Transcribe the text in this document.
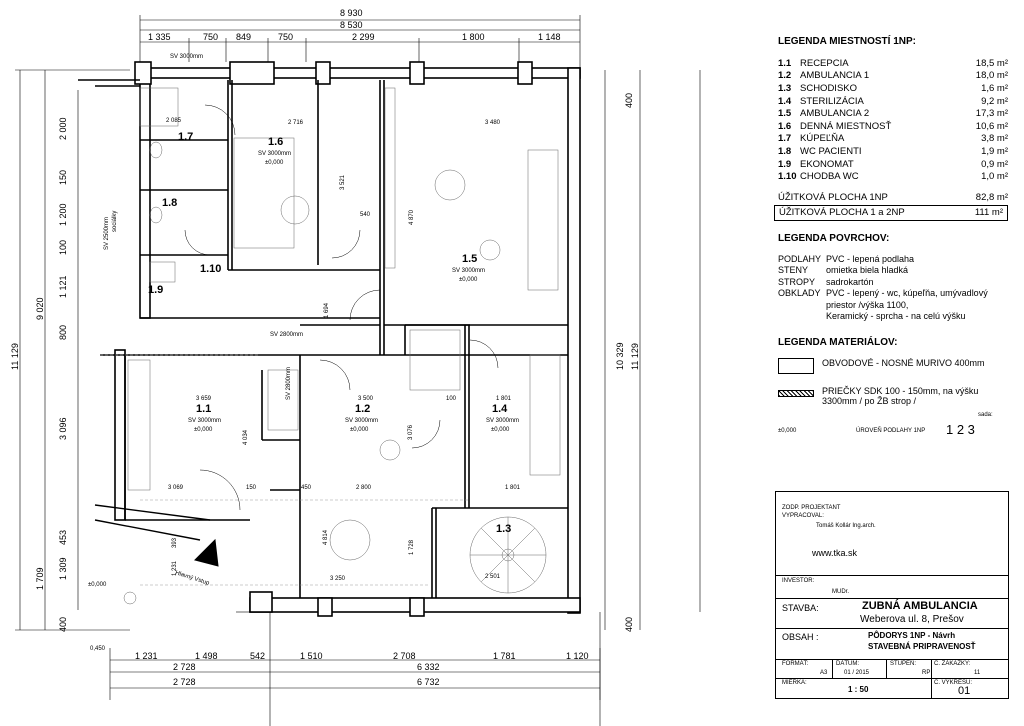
8 930
8 530
1 335	750 849	750	2 299	1 800	1 148
11 129
9 020
2 000
150
1 200
100
1 121
800
3 096
453
1 309
1 709
400
11 129
10 329
400
400
1 231	1 498	542	1 510	2 708	1 781	1 120
2 728	6 332
2 728	6 732
1.7
2 085
1.8
1.9
1.10
1.6
2 716
SV 3000mm
±0,000
1.5
3 480
SV 3000mm
±0,000
1.1
3 659
SV 3000mm
±0,000
1.2
3 500
SV 3000mm
±0,000
1.4
1 801
SV 3000mm
±0,000
1.3
2 501
SV 3000mm
SV 2800mm
SV 2500mm sociálky
SV 2800mm
Hlavný Vstup
±0,000
0,450
3 521
4 870
1 694
4 034	3 076
4 814
1 728
3 069	2 800
3 250
1 801
150	450
100
540
1 231
393
LEGENDA MIESTNOSTÍ 1NP:
1.1 RECEPCIA	18,5 m²
1.2 AMBULANCIA 1	18,0 m²
1.3 SCHODISKO	1,6 m²
1.4 STERILIZÁCIA	9,2 m²
1.5 AMBULANCIA 2	17,3 m²
1.6 DENNÁ MIESTNOSŤ	10,6 m²
1.7 KÚPEĽŇA	3,8 m²
1.8 WC PACIENTI	1,9 m²
1.9 EKONOMAT	0,9 m²
1.10 CHODBA WC	1,0 m²
ÚŽITKOVÁ PLOCHA 1NP	82,8 m²
ÚŽITKOVÁ PLOCHA 1 a 2NP	111 m²
LEGENDA POVRCHOV:
PODLAHY PVC - lepená podlaha
STENY	omietka biela hladká
STROPY	sadrokartón
OBKLADY PVC - lepený - wc, kúpeľňa, umývadlový priestor /výška 1100,
Keramický - sprcha - na celú výšku
LEGENDA MATERIÁLOV:
OBVODOVÉ - NOSNÉ MURIVO 400mm
PRIEČKY SDK 100 - 150mm, na výšku 3300mm / po ŽB strop /
±0,000	ÚROVEŇ PODLAHY 1NP
sada:
1 2 3
ZODP. PROJEKTANT
VYPRACOVAL:
Tomáš Kollár Ing.arch.
www.tka.sk
INVESTOR:
MUDr.
STAVBA:	ZUBNÁ AMBULANCIA
Weberova ul. 8, Prešov
OBSAH :	PÔDORYS 1NP - Návrh
STAVEBNÁ PRIPRAVENOSŤ
FORMÁT:
A3
DÁTUM:
01 / 2015
STUPEŇ:
RP
Č. ZÁKAZKY:
11
MIERKA:
1 : 50
Č. VÝKRESU:
01
